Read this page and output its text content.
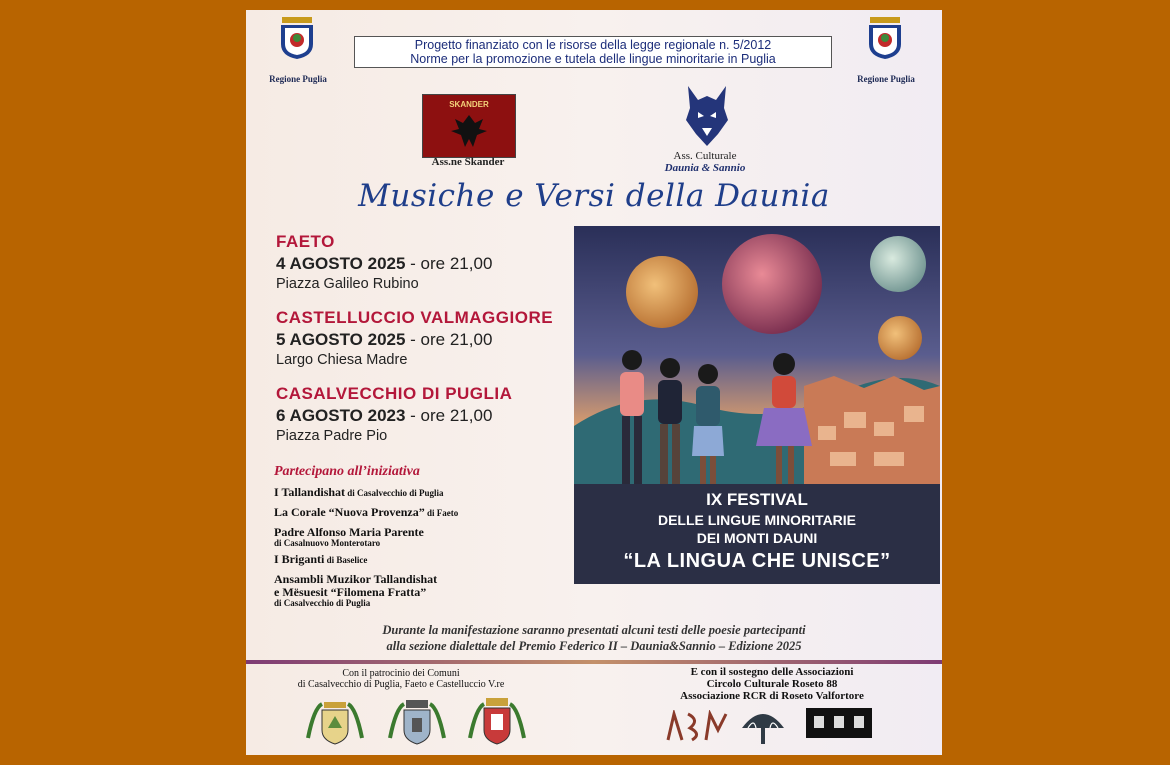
Regione Puglia	Regione Puglia
Progetto finanziato con le risorse della legge regionale n. 5/2012
Norme per la promozione e tutela delle lingue minoritarie in Puglia
SKANDER
Ass.ne Skander	Ass. Culturale
Daunia & Sannio
Musiche e Versi della Daunia
FAETO
4 AGOSTO 2025 - ore 21,00
Piazza Galileo Rubino
CASTELLUCCIO VALMAGGIORE
5 AGOSTO 2025 - ore 21,00
Largo Chiesa Madre
CASALVECCHIO DI PUGLIA
6 AGOSTO 2023 - ore 21,00
Piazza Padre Pio
Partecipano all’iniziativa
I Tallandishat di Casalvecchio di Puglia
La Corale “Nuova Provenza” di Faeto
Padre Alfonso Maria Parente
di Casalnuovo Monterotaro
I Briganti di Baselice
Ansambli Muzikor Tallandishat
e Mësuesit “Filomena Fratta”
di Casalvecchio di Puglia
IX FESTIVAL
DELLE LINGUE MINORITARIE
DEI MONTI DAUNI
“LA LINGUA CHE UNISCE”
Durante la manifestazione saranno presentati alcuni testi delle poesie partecipanti
alla sezione dialettale del Premio Federico II – Daunia&Sannio – Edizione 2025
Con il patrocinio dei Comuni
di Casalvecchio di Puglia, Faeto e Castelluccio V.re
E con il sostegno delle Associazioni
Circolo Culturale Roseto 88
Associazione RCR di Roseto Valfortore
